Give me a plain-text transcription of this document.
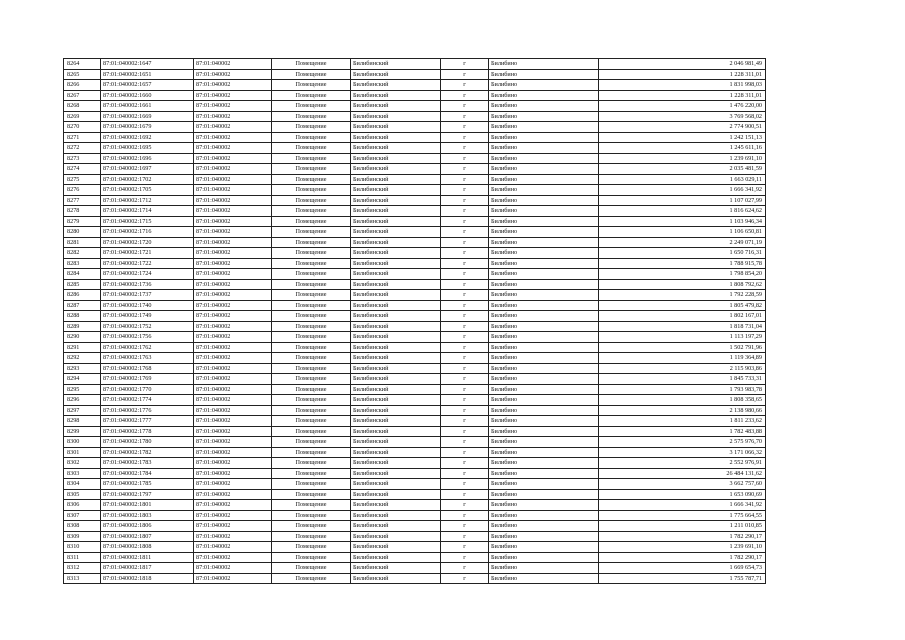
8264	87:01:040002:1647	87:01:040002	Помещение	Билибинский	г	Билибино	2 046 981,49
8265	87:01:040002:1651	87:01:040002	Помещение	Билибинский	г	Билибино	1 228 311,01
8266	87:01:040002:1657	87:01:040002	Помещение	Билибинский	г	Билибино	1 831 998,03
8267	87:01:040002:1660	87:01:040002	Помещение	Билибинский	г	Билибино	1 228 311,01
8268	87:01:040002:1661	87:01:040002	Помещение	Билибинский	г	Билибино	1 476 220,00
8269	87:01:040002:1669	87:01:040002	Помещение	Билибинский	г	Билибино	3 769 568,02
8270	87:01:040002:1679	87:01:040002	Помещение	Билибинский	г	Билибино	2 774 900,51
8271	87:01:040002:1692	87:01:040002	Помещение	Билибинский	г	Билибино	1 242 151,13
8272	87:01:040002:1695	87:01:040002	Помещение	Билибинский	г	Билибино	1 245 611,16
8273	87:01:040002:1696	87:01:040002	Помещение	Билибинский	г	Билибино	1 239 691,10
8274	87:01:040002:1697	87:01:040002	Помещение	Билибинский	г	Билибино	2 035 481,59
8275	87:01:040002:1702	87:01:040002	Помещение	Билибинский	г	Билибино	1 663 029,11
8276	87:01:040002:1705	87:01:040002	Помещение	Билибинский	г	Билибино	1 666 341,92
8277	87:01:040002:1712	87:01:040002	Помещение	Билибинский	г	Билибино	1 107 027,99
8278	87:01:040002:1714	87:01:040002	Помещение	Билибинский	г	Билибино	1 816 624,62
8279	87:01:040002:1715	87:01:040002	Помещение	Билибинский	г	Билибино	1 103 946,34
8280	87:01:040002:1716	87:01:040002	Помещение	Билибинский	г	Билибино	1 106 650,81
8281	87:01:040002:1720	87:01:040002	Помещение	Билибинский	г	Билибино	2 249 071,19
8282	87:01:040002:1721	87:01:040002	Помещение	Билибинский	г	Билибино	1 650 716,31
8283	87:01:040002:1722	87:01:040002	Помещение	Билибинский	г	Билибино	1 788 915,78
8284	87:01:040002:1724	87:01:040002	Помещение	Билибинский	г	Билибино	1 798 854,20
8285	87:01:040002:1736	87:01:040002	Помещение	Билибинский	г	Билибино	1 808 792,62
8286	87:01:040002:1737	87:01:040002	Помещение	Билибинский	г	Билибино	1 792 228,59
8287	87:01:040002:1740	87:01:040002	Помещение	Билибинский	г	Билибино	1 805 479,82
8288	87:01:040002:1749	87:01:040002	Помещение	Билибинский	г	Билибино	1 802 167,01
8289	87:01:040002:1752	87:01:040002	Помещение	Билибинский	г	Билибино	1 818 731,04
8290	87:01:040002:1756	87:01:040002	Помещение	Билибинский	г	Билибино	1 113 197,29
8291	87:01:040002:1762	87:01:040002	Помещение	Билибинский	г	Билибино	1 502 791,96
8292	87:01:040002:1763	87:01:040002	Помещение	Билибинский	г	Билибино	1 119 364,89
8293	87:01:040002:1768	87:01:040002	Помещение	Билибинский	г	Билибино	2 115 903,86
8294	87:01:040002:1769	87:01:040002	Помещение	Билибинский	г	Билибино	1 845 733,31
8295	87:01:040002:1770	87:01:040002	Помещение	Билибинский	г	Билибино	1 793 983,78
8296	87:01:040002:1774	87:01:040002	Помещение	Билибинский	г	Билибино	1 808 358,65
8297	87:01:040002:1776	87:01:040002	Помещение	Билибинский	г	Билибино	2 138 980,66
8298	87:01:040002:1777	87:01:040002	Помещение	Билибинский	г	Билибино	1 811 233,62
8299	87:01:040002:1778	87:01:040002	Помещение	Билибинский	г	Билибино	1 782 483,88
8300	87:01:040002:1780	87:01:040002	Помещение	Билибинский	г	Билибино	2 575 976,70
8301	87:01:040002:1782	87:01:040002	Помещение	Билибинский	г	Билибино	3 171 066,32
8302	87:01:040002:1783	87:01:040002	Помещение	Билибинский	г	Билибино	2 552 976,91
8303	87:01:040002:1784	87:01:040002	Помещение	Билибинский	г	Билибино	26 484 131,62
8304	87:01:040002:1785	87:01:040002	Помещение	Билибинский	г	Билибино	3 662 757,60
8305	87:01:040002:1797	87:01:040002	Помещение	Билибинский	г	Билибино	1 653 090,69
8306	87:01:040002:1801	87:01:040002	Помещение	Билибинский	г	Билибино	1 666 341,92
8307	87:01:040002:1803	87:01:040002	Помещение	Билибинский	г	Билибино	1 775 664,55
8308	87:01:040002:1806	87:01:040002	Помещение	Билибинский	г	Билибино	1 211 010,85
8309	87:01:040002:1807	87:01:040002	Помещение	Билибинский	г	Билибино	1 782 290,17
8310	87:01:040002:1808	87:01:040002	Помещение	Билибинский	г	Билибино	1 239 691,10
8311	87:01:040002:1811	87:01:040002	Помещение	Билибинский	г	Билибино	1 782 290,17
8312	87:01:040002:1817	87:01:040002	Помещение	Билибинский	г	Билибино	1 669 654,73
8313	87:01:040002:1818	87:01:040002	Помещение	Билибинский	г	Билибино	1 755 787,71
